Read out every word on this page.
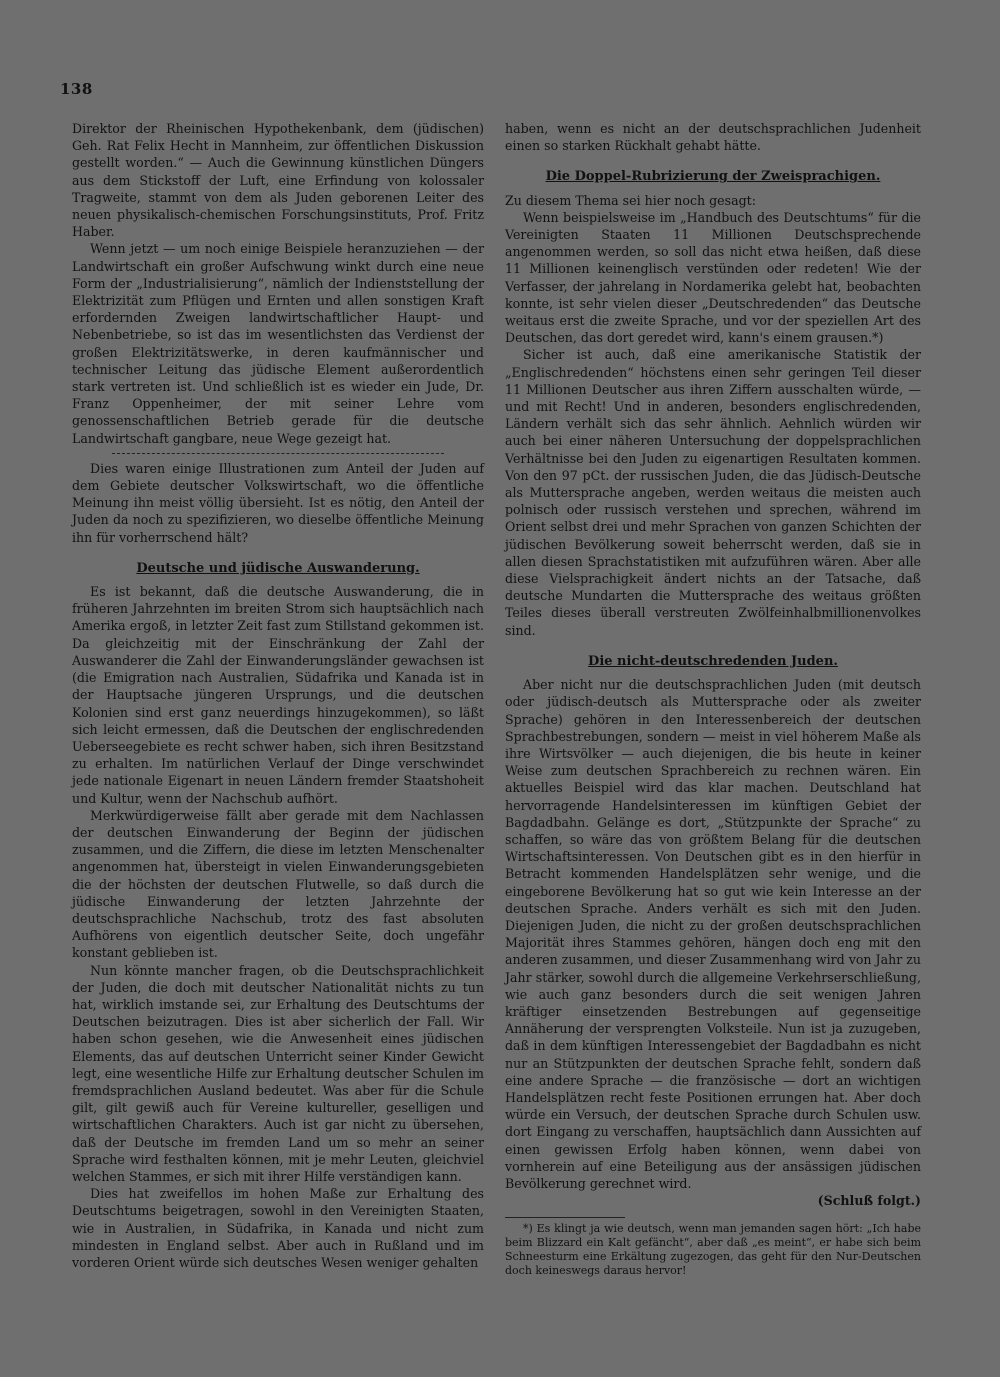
138

Direktor der Rheinischen Hypothekenbank, dem (jüdischen) Geh. Rat Felix Hecht in Mannheim, zur öffentlichen Diskussion gestellt worden.“ — Auch die Gewinnung künstlichen Düngers aus dem Stickstoff der Luft, eine Erfindung von kolossaler Tragweite, stammt von dem als Juden geborenen Leiter des neuen physikalisch-chemischen Forschungsinstituts, Prof. Fritz Haber.

Wenn jetzt — um noch einige Beispiele heranzuziehen — der Landwirtschaft ein großer Aufschwung winkt durch eine neue Form der „Industrialisierung“, nämlich der Indienststellung der Elektrizität zum Pflügen und Ernten und allen sonstigen Kraft erfordernden Zweigen landwirtschaftlicher Haupt- und Nebenbetriebe, so ist das im wesentlichsten das Verdienst der großen Elektrizitätswerke, in deren kaufmännischer und technischer Leitung das jüdische Element außerordentlich stark vertreten ist. Und schließlich ist es wieder ein Jude, Dr. Franz Oppenheimer, der mit seiner Lehre vom genossenschaftlichen Betrieb gerade für die deutsche Landwirtschaft gangbare, neue Wege gezeigt hat.

Dies waren einige Illustrationen zum Anteil der Juden auf dem Gebiete deutscher Volkswirtschaft, wo die öffentliche Meinung ihn meist völlig übersieht. Ist es nötig, den Anteil der Juden da noch zu spezifizieren, wo dieselbe öffentliche Meinung ihn für vorherrschend hält?

Deutsche und jüdische Auswanderung.

Es ist bekannt, daß die deutsche Auswanderung, die in früheren Jahrzehnten im breiten Strom sich hauptsächlich nach Amerika ergoß, in letzter Zeit fast zum Stillstand gekommen ist. Da gleichzeitig mit der Einschränkung der Zahl der Auswanderer die Zahl der Einwanderungsländer gewachsen ist (die Emigration nach Australien, Südafrika und Kanada ist in der Hauptsache jüngeren Ursprungs, und die deutschen Kolonien sind erst ganz neuerdings hinzugekommen), so läßt sich leicht ermessen, daß die Deutschen der englischredenden Ueberseegebiete es recht schwer haben, sich ihren Besitzstand zu erhalten. Im natürlichen Verlauf der Dinge verschwindet jede nationale Eigenart in neuen Ländern fremder Staatshoheit und Kultur, wenn der Nachschub aufhört.

Merkwürdigerweise fällt aber gerade mit dem Nachlassen der deutschen Einwanderung der Beginn der jüdischen zusammen, und die Ziffern, die diese im letzten Menschenalter angenommen hat, übersteigt in vielen Einwanderungsgebieten die der höchsten der deutschen Flutwelle, so daß durch die jüdische Einwanderung der letzten Jahrzehnte der deutschsprachliche Nachschub, trotz des fast absoluten Aufhörens von eigentlich deutscher Seite, doch ungefähr konstant geblieben ist.

Nun könnte mancher fragen, ob die Deutschsprachlichkeit der Juden, die doch mit deutscher Nationalität nichts zu tun hat, wirklich imstande sei, zur Erhaltung des Deutschtums der Deutschen beizutragen. Dies ist aber sicherlich der Fall. Wir haben schon gesehen, wie die Anwesenheit eines jüdischen Elements, das auf deutschen Unterricht seiner Kinder Gewicht legt, eine wesentliche Hilfe zur Erhaltung deutscher Schulen im fremdsprachlichen Ausland bedeutet. Was aber für die Schule gilt, gilt gewiß auch für Vereine kultureller, geselligen und wirtschaftlichen Charakters. Auch ist gar nicht zu übersehen, daß der Deutsche im fremden Land um so mehr an seiner Sprache wird festhalten können, mit je mehr Leuten, gleichviel welchen Stammes, er sich mit ihrer Hilfe verständigen kann.

Dies hat zweifellos im hohen Maße zur Erhaltung des Deutschtums beigetragen, sowohl in den Vereinigten Staaten, wie in Australien, in Südafrika, in Kanada und nicht zum mindesten in England selbst. Aber auch in Rußland und im vorderen Orient würde sich deutsches Wesen weniger gehalten

haben, wenn es nicht an der deutschsprachlichen Judenheit einen so starken Rückhalt gehabt hätte.

Die Doppel-Rubrizierung der Zweisprachigen.

Zu diesem Thema sei hier noch gesagt:

Wenn beispielsweise im „Handbuch des Deutschtums“ für die Vereinigten Staaten 11 Millionen Deutschsprechende angenommen werden, so soll das nicht etwa heißen, daß diese 11 Millionen keinenglisch verstünden oder redeten! Wie der Verfasser, der jahrelang in Nordamerika gelebt hat, beobachten konnte, ist sehr vielen dieser „Deutschredenden“ das Deutsche weitaus erst die zweite Sprache, und vor der speziellen Art des Deutschen, das dort geredet wird, kann's einem grausen.*)

Sicher ist auch, daß eine amerikanische Statistik der „Englischredenden“ höchstens einen sehr geringen Teil dieser 11 Millionen Deutscher aus ihren Ziffern ausschalten würde, — und mit Recht! Und in anderen, besonders englischredenden, Ländern verhält sich das sehr ähnlich. Aehnlich würden wir auch bei einer näheren Untersuchung der doppelsprachlichen Verhältnisse bei den Juden zu eigenartigen Resultaten kommen. Von den 97 pCt. der russischen Juden, die das Jüdisch-Deutsche als Muttersprache angeben, werden weitaus die meisten auch polnisch oder russisch verstehen und sprechen, während im Orient selbst drei und mehr Sprachen von ganzen Schichten der jüdischen Bevölkerung soweit beherrscht werden, daß sie in allen diesen Sprachstatistiken mit aufzuführen wären. Aber alle diese Vielsprachigkeit ändert nichts an der Tatsache, daß deutsche Mundarten die Muttersprache des weitaus größten Teiles dieses überall verstreuten Zwölfeinhalbmillionenvolkes sind.

Die nicht-deutschredenden Juden.

Aber nicht nur die deutschsprachlichen Juden (mit deutsch oder jüdisch-deutsch als Muttersprache oder als zweiter Sprache) gehören in den Interessenbereich der deutschen Sprachbestrebungen, sondern — meist in viel höherem Maße als ihre Wirtsvölker — auch diejenigen, die bis heute in keiner Weise zum deutschen Sprachbereich zu rechnen wären. Ein aktuelles Beispiel wird das klar machen. Deutschland hat hervorragende Handelsinteressen im künftigen Gebiet der Bagdadbahn. Gelänge es dort, „Stützpunkte der Sprache“ zu schaffen, so wäre das von größtem Belang für die deutschen Wirtschaftsinteressen. Von Deutschen gibt es in den hierfür in Betracht kommenden Handelsplätzen sehr wenige, und die eingeborene Bevölkerung hat so gut wie kein Interesse an der deutschen Sprache. Anders verhält es sich mit den Juden. Diejenigen Juden, die nicht zu der großen deutschsprachlichen Majorität ihres Stammes gehören, hängen doch eng mit den anderen zusammen, und dieser Zusammenhang wird von Jahr zu Jahr stärker, sowohl durch die allgemeine Verkehrserschließung, wie auch ganz besonders durch die seit wenigen Jahren kräftiger einsetzenden Bestrebungen auf gegenseitige Annäherung der versprengten Volksteile. Nun ist ja zuzugeben, daß in dem künftigen Interessengebiet der Bagdadbahn es nicht nur an Stützpunkten der deutschen Sprache fehlt, sondern daß eine andere Sprache — die französische — dort an wichtigen Handelsplätzen recht feste Positionen errungen hat. Aber doch würde ein Versuch, der deutschen Sprache durch Schulen usw. dort Eingang zu verschaffen, hauptsächlich dann Aussichten auf einen gewissen Erfolg haben können, wenn dabei von vornherein auf eine Beteiligung aus der ansässigen jüdischen Bevölkerung gerechnet wird.

(Schluß folgt.)

*) Es klingt ja wie deutsch, wenn man jemanden sagen hört: „Ich habe beim Blizzard ein Kalt gefäncht“, aber daß „es meint“, er habe sich beim Schneesturm eine Erkältung zugezogen, das geht für den Nur-Deutschen doch keineswegs daraus hervor!
